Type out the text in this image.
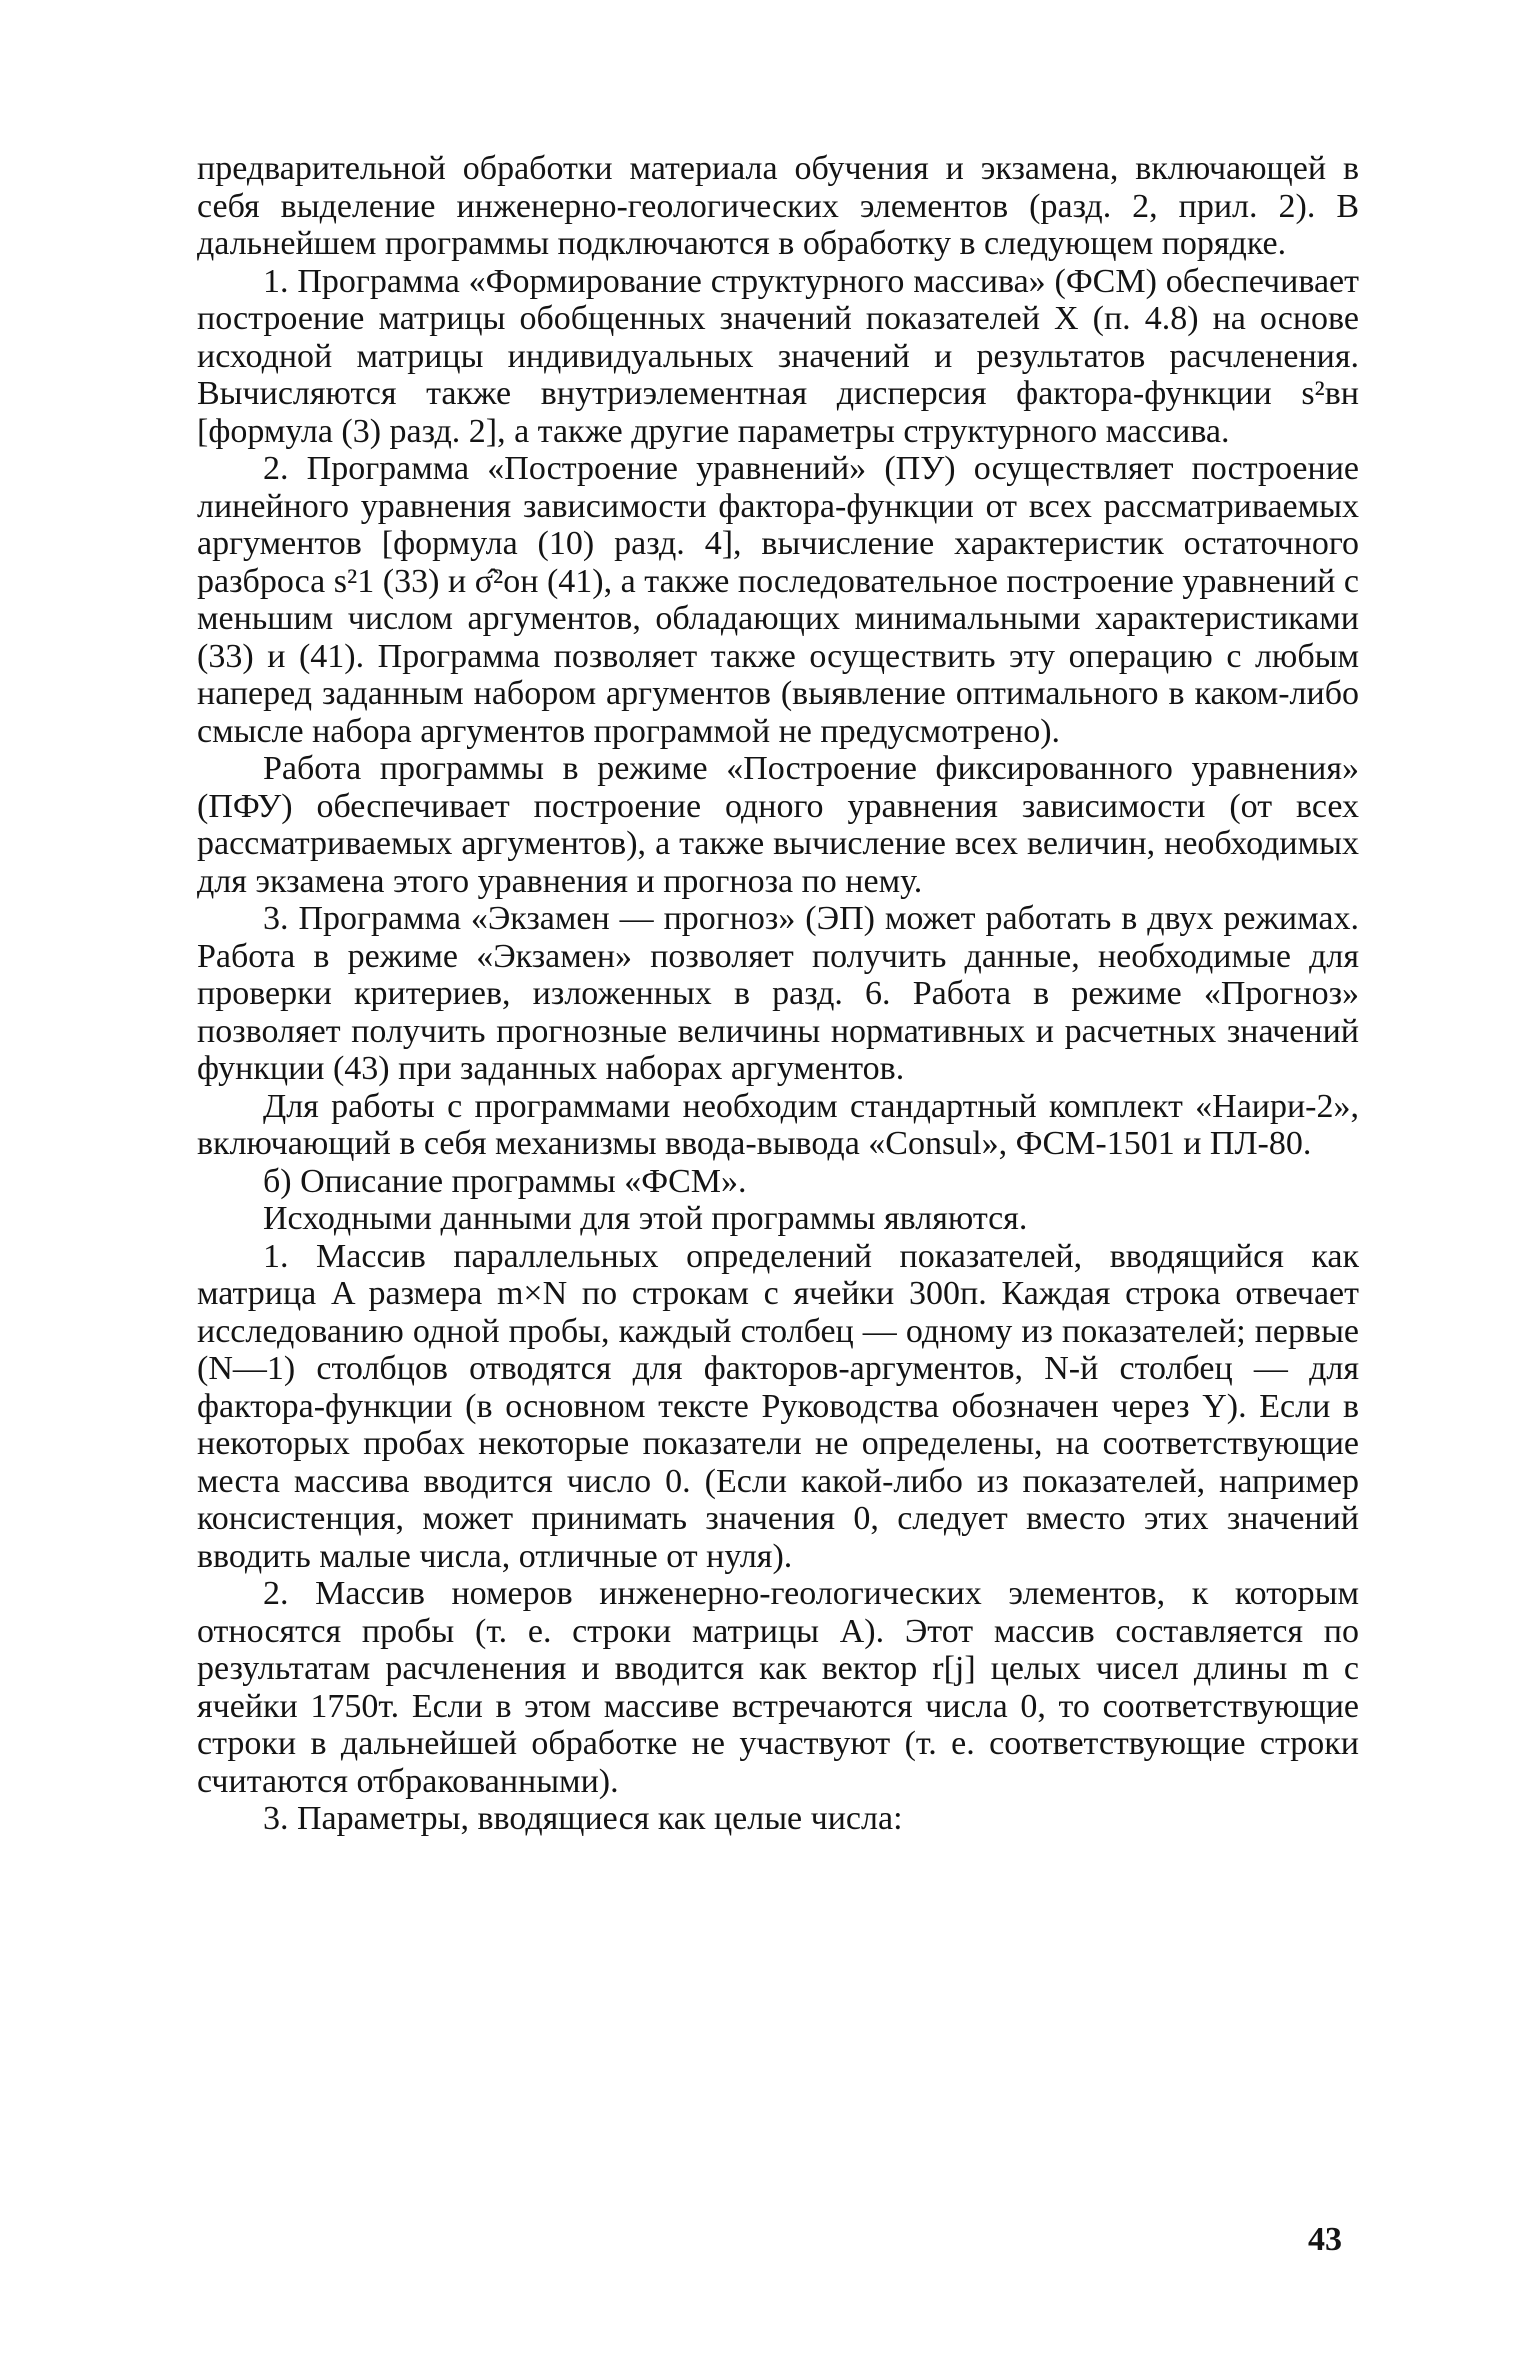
предварительной обработки материала обучения и экзамена, включающей в себя выделение инженерно-геологических элементов (разд. 2, прил. 2). В дальнейшем программы подключаются в обработку в следующем порядке.

1. Программа «Формирование структурного массива» (ФСМ) обеспечивает построение матрицы обобщенных значений показателей X (п. 4.8) на основе исходной матрицы индивидуальных значений и результатов расчленения. Вычисляются также внутриэлементная дисперсия фактора-функции s²вн [формула (3) разд. 2], а также другие параметры структурного массива.

2. Программа «Построение уравнений» (ПУ) осуществляет построение линейного уравнения зависимости фактора-функции от всех рассматриваемых аргументов [формула (10) разд. 4], вычисление характеристик остаточного разброса s²1 (33) и σ̂²он (41), а также последовательное построение уравнений с меньшим числом аргументов, обладающих минимальными характеристиками (33) и (41). Программа позволяет также осуществить эту операцию с любым наперед заданным набором аргументов (выявление оптимального в каком-либо смысле набора аргументов программой не предусмотрено).

Работа программы в режиме «Построение фиксированного уравнения» (ПФУ) обеспечивает построение одного уравнения зависимости (от всех рассматриваемых аргументов), а также вычисление всех величин, необходимых для экзамена этого уравнения и прогноза по нему.

3. Программа «Экзамен — прогноз» (ЭП) может работать в двух режимах. Работа в режиме «Экзамен» позволяет получить данные, необходимые для проверки критериев, изложенных в разд. 6. Работа в режиме «Прогноз» позволяет получить прогнозные величины нормативных и расчетных значений функции (43) при заданных наборах аргументов.

Для работы с программами необходим стандартный комплект «Наири-2», включающий в себя механизмы ввода-вывода «Consul», ФСМ-1501 и ПЛ-80.

б) Описание программы «ФСМ».

Исходными данными для этой программы являются.

1. Массив параллельных определений показателей, вводящийся как матрица A размера m×N по строкам с ячейки 300п. Каждая строка отвечает исследованию одной пробы, каждый столбец — одному из показателей; первые (N—1) столбцов отводятся для факторов-аргументов, N-й столбец — для фактора-функции (в основном тексте Руководства обозначен через Y). Если в некоторых пробах некоторые показатели не определены, на соответствующие места массива вводится число 0. (Если какой-либо из показателей, например консистенция, может принимать значения 0, следует вместо этих значений вводить малые числа, отличные от нуля).

2. Массив номеров инженерно-геологических элементов, к которым относятся пробы (т. е. строки матрицы A). Этот массив составляется по результатам расчленения и вводится как вектор r[j] целых чисел длины m с ячейки 1750т. Если в этом массиве встречаются числа 0, то соответствующие строки в дальнейшей обработке не участвуют (т. е. соответствующие строки считаются отбракованными).

3. Параметры, вводящиеся как целые числа:

43
